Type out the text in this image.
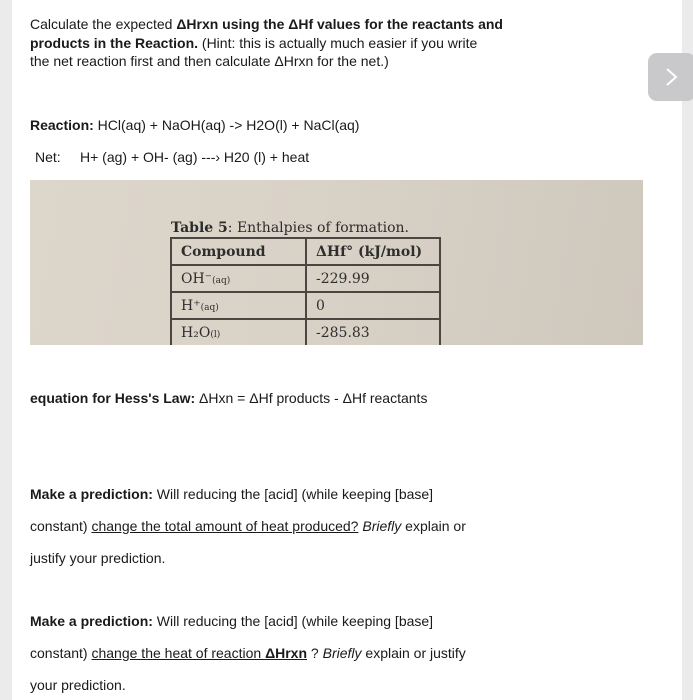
Calculate the expected ΔHrxn using the ΔHf values for the reactants and
products in the Reaction. (Hint: this is actually much easier if you write
the net reaction first and then calculate ΔHrxn for the net.)
Reaction: HCl(aq) + NaOH(aq) -> H2O(l) + NaCl(aq)
Net: H+ (ag) + OH- (ag) ---› H20 (l) + heat
Table 5: Enthalpies of formation.
Compound	ΔHf° (kJ/mol)
OH⁻(aq)	-229.99
H⁺(aq)	0
H₂O(l)	-285.83
equation for Hess's Law: ΔHxn = ΔHf products - ΔHf reactants
Make a prediction: Will reducing the [acid] (while keeping [base]
constant) change the total amount of heat produced? Briefly explain or
justify your prediction.
Make a prediction: Will reducing the [acid] (while keeping [base]
constant) change the heat of reaction ΔHrxn ? Briefly explain or justify
your prediction.
